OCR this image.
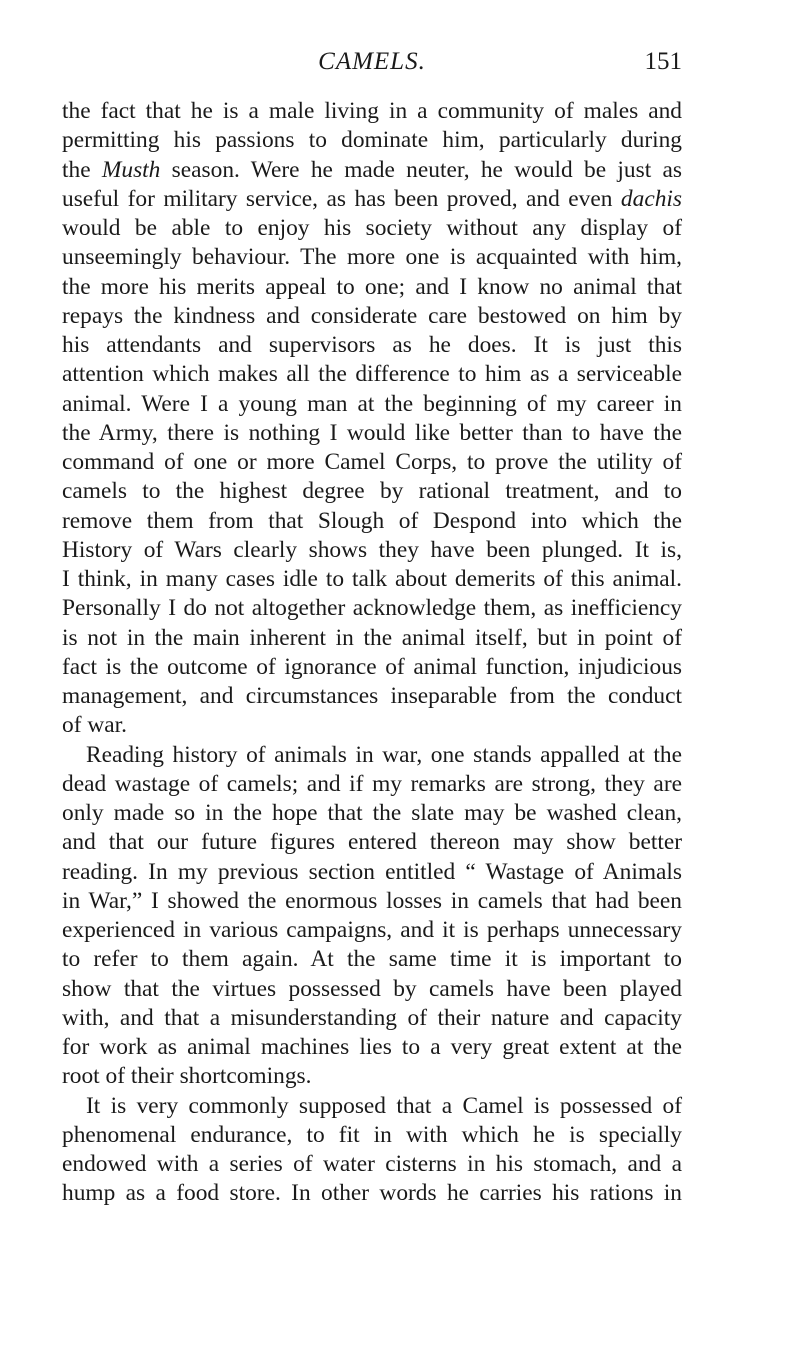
CAMELS.	151
the fact that he is a male living in a community of males and
permitting his passions to dominate him, particularly during
the Musth season. Were he made neuter, he would be just as
useful for military service, as has been proved, and even dachis
would be able to enjoy his society without any display of
unseemingly behaviour. The more one is acquainted with him,
the more his merits appeal to one; and I know no animal that
repays the kindness and considerate care bestowed on him by
his attendants and supervisors as he does. It is just this
attention which makes all the difference to him as a serviceable
animal. Were I a young man at the beginning of my career in
the Army, there is nothing I would like better than to have the
command of one or more Camel Corps, to prove the utility of
camels to the highest degree by rational treatment, and to
remove them from that Slough of Despond into which the
History of Wars clearly shows they have been plunged. It is,
I think, in many cases idle to talk about demerits of this animal.
Personally I do not altogether acknowledge them, as inefficiency
is not in the main inherent in the animal itself, but in point of
fact is the outcome of ignorance of animal function, injudicious
management, and circumstances inseparable from the conduct
of war.
Reading history of animals in war, one stands appalled at the
dead wastage of camels; and if my remarks are strong, they are
only made so in the hope that the slate may be washed clean,
and that our future figures entered thereon may show better
reading. In my previous section entitled “ Wastage of Animals
in War,” I showed the enormous losses in camels that had been
experienced in various campaigns, and it is perhaps unnecessary
to refer to them again. At the same time it is important to
show that the virtues possessed by camels have been played
with, and that a misunderstanding of their nature and capacity
for work as animal machines lies to a very great extent at the
root of their shortcomings.
It is very commonly supposed that a Camel is possessed of
phenomenal endurance, to fit in with which he is specially
endowed with a series of water cisterns in his stomach, and a
hump as a food store. In other words he carries his rations in
